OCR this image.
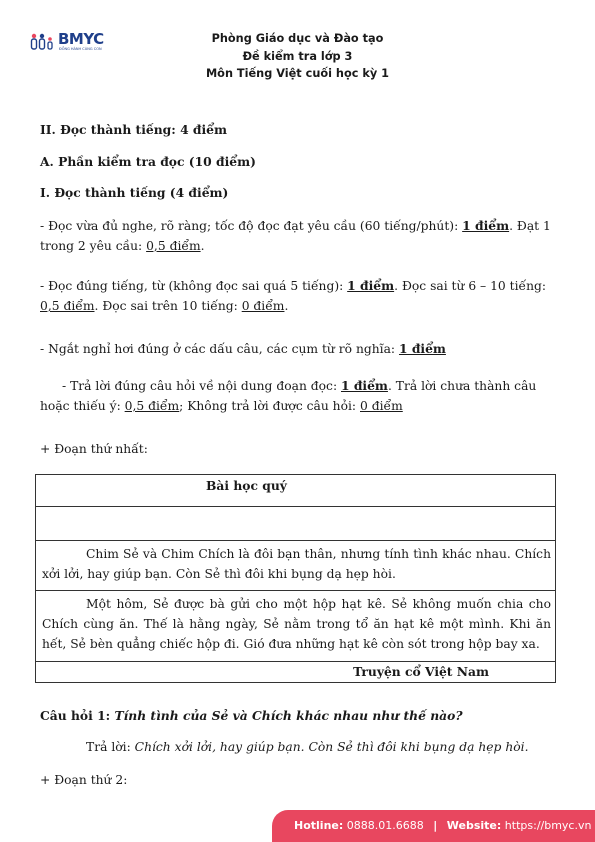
BMYC
ĐỒNG HÀNH CÙNG CON
Phòng Giáo dục và Đào tạo
Đề kiểm tra lớp 3
Môn Tiếng Việt cuối học kỳ 1
II. Đọc thành tiếng: 4 điểm
A. Phần kiểm tra đọc (10 điểm)
I. Đọc thành tiếng (4 điểm)
- Đọc vừa đủ nghe, rõ ràng; tốc độ đọc đạt yêu cầu (60 tiếng/phút): 1 điểm. Đạt 1 trong 2 yêu cầu: 0,5 điểm.
- Đọc đúng tiếng, từ (không đọc sai quá 5 tiếng): 1 điểm. Đọc sai từ 6 – 10 tiếng: 0,5 điểm. Đọc sai trên 10 tiếng: 0 điểm.
- Ngắt nghỉ hơi đúng ở các dấu câu, các cụm từ rõ nghĩa: 1 điểm
- Trả lời đúng câu hỏi về nội dung đoạn đọc: 1 điểm. Trả lời chưa thành câu hoặc thiếu ý: 0,5 điểm; Không trả lời được câu hỏi: 0 điểm
+ Đoạn thứ nhất:
Bài học quý

Chim Sẻ và Chim Chích là đôi bạn thân, nhưng tính tình khác nhau. Chích xởi lởi, hay giúp bạn. Còn Sẻ thì đôi khi bụng dạ hẹp hòi.
Một hôm, Sẻ được bà gửi cho một hộp hạt kê. Sẻ không muốn chia cho Chích cùng ăn. Thế là hằng ngày, Sẻ nằm trong tổ ăn hạt kê một mình. Khi ăn hết, Sẻ bèn quẳng chiếc hộp đi. Gió đưa những hạt kê còn sót trong hộp bay xa.

Truyện cổ Việt Nam
Câu hỏi 1: Tính tình của Sẻ và Chích khác nhau như thế nào?
Trả lời: Chích xởi lởi, hay giúp bạn. Còn Sẻ thì đôi khi bụng dạ hẹp hòi.
+ Đoạn thứ 2:
Hotline: 0888.01.6688 | Website: https://bmyc.vn
